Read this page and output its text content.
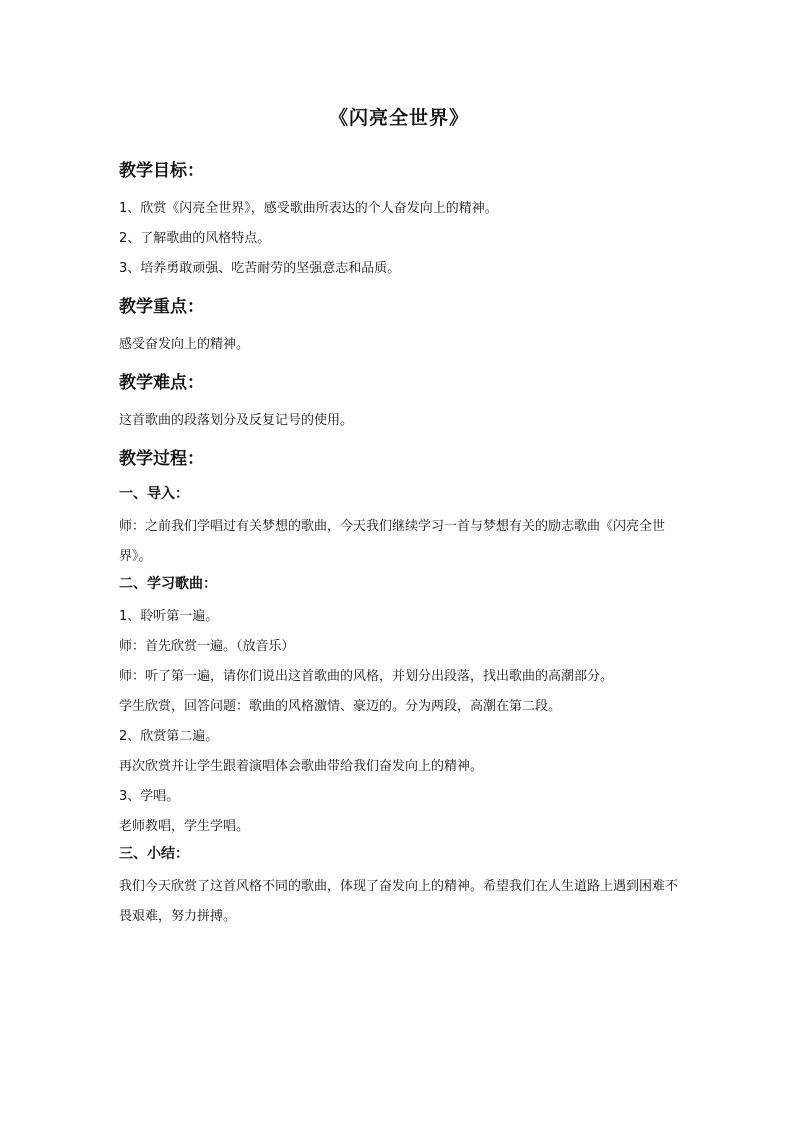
《闪亮全世界》
教学目标：
1、欣赏《闪亮全世界》，感受歌曲所表达的个人奋发向上的精神。
2、了解歌曲的风格特点。
3、培养勇敢顽强、吃苦耐劳的坚强意志和品质。
教学重点：
感受奋发向上的精神。
教学难点：
这首歌曲的段落划分及反复记号的使用。
教学过程：
一、导入：
师：之前我们学唱过有关梦想的歌曲，今天我们继续学习一首与梦想有关的励志歌曲《闪亮全世界》。
二、学习歌曲：
1、聆听第一遍。
师：首先欣赏一遍。（放音乐）
师：听了第一遍，请你们说出这首歌曲的风格，并划分出段落，找出歌曲的高潮部分。
学生欣赏，回答问题：歌曲的风格激情、豪迈的。分为两段，高潮在第二段。
2、欣赏第二遍。
再次欣赏并让学生跟着演唱体会歌曲带给我们奋发向上的精神。
3、学唱。
老师教唱，学生学唱。
三、小结：
我们今天欣赏了这首风格不同的歌曲，体现了奋发向上的精神。希望我们在人生道路上遇到困难不畏艰难，努力拼搏。
